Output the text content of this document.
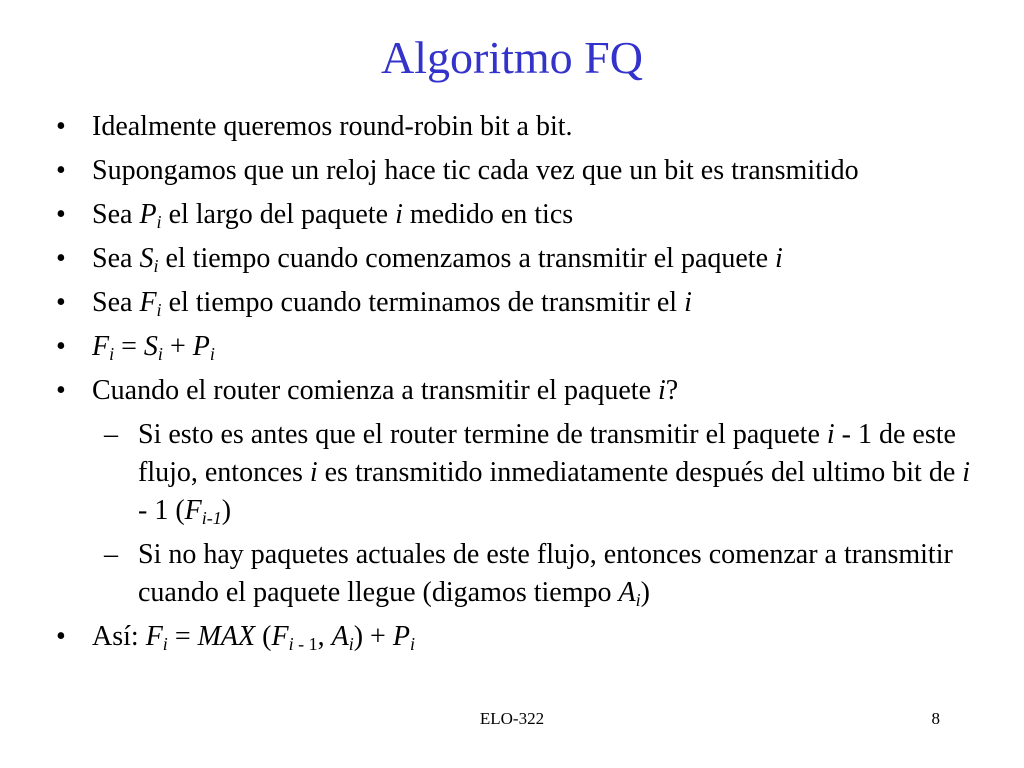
Algoritmo FQ
• Idealmente queremos round-robin bit a bit.
• Supongamos que un reloj hace tic cada vez que un bit es transmitido
• Sea $P_i$ el largo del paquete i medido en tics
• Sea $S_i$ el tiempo cuando comenzamos a transmitir el paquete i
• Sea $F_i$ el tiempo cuando terminamos de transmitir el i
• $F_i = S_i + P_i$
• Cuando el router comienza a transmitir el paquete i?
– Si esto es antes que el router termine de transmitir el paquete i - 1 de este flujo, entonces i es transmitido inmediatamente después del ultimo bit de i - 1 $(F_{i-1})$
– Si no hay paquetes actuales de este flujo, entonces comenzar a transmitir cuando el paquete llegue (digamos tiempo $A_i$)
• Así: $F_i$ = MAX ($F_i$ $_{- 1}$, $A_i) + P_i$
ELO-322	8
